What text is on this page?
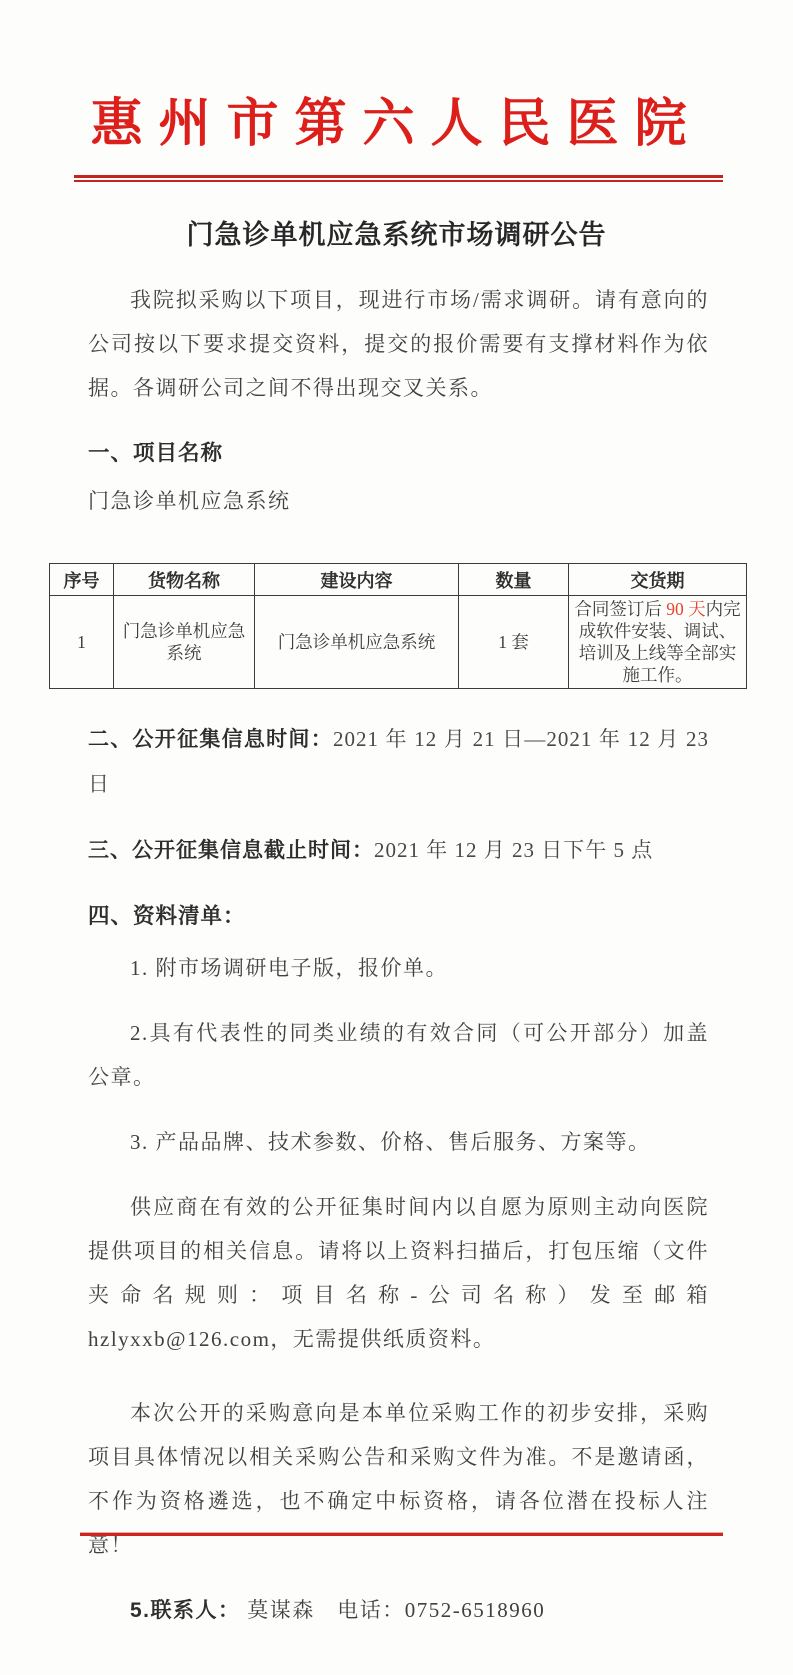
惠州市第六人民医院
门急诊单机应急系统市场调研公告

我院拟采购以下项目，现进行市场/需求调研。请有意向的公司按以下要求提交资料，提交的报价需要有支撑材料作为依据。各调研公司之间不得出现交叉关系。

一、项目名称

门急诊单机应急系统

序号	货物名称	建设内容	数量	交货期
1	门急诊单机应急系统	门急诊单机应急系统	1 套	合同签订后 90 天内完成软件安装、调试、培训及上线等全部实施工作。

二、公开征集信息时间：2021 年 12 月 21 日—2021 年 12 月 23 日

三、公开征集信息截止时间：2021 年 12 月 23 日下午 5 点

四、资料清单：

1. 附市场调研电子版，报价单。

2.具有代表性的同类业绩的有效合同（可公开部分）加盖公章。

3. 产品品牌、技术参数、价格、售后服务、方案等。

供应商在有效的公开征集时间内以自愿为原则主动向医院提供项目的相关信息。请将以上资料扫描后，打包压缩（文件夹命名规则：项目名称-公司名称）发至邮箱 hzlyxxb@126.com，无需提供纸质资料。

本次公开的采购意向是本单位采购工作的初步安排，采购项目具体情况以相关采购公告和采购文件为准。不是邀请函，不作为资格遴选，也不确定中标资格，请各位潜在投标人注意！

5.联系人： 莫谋森　电话：0752-6518960
